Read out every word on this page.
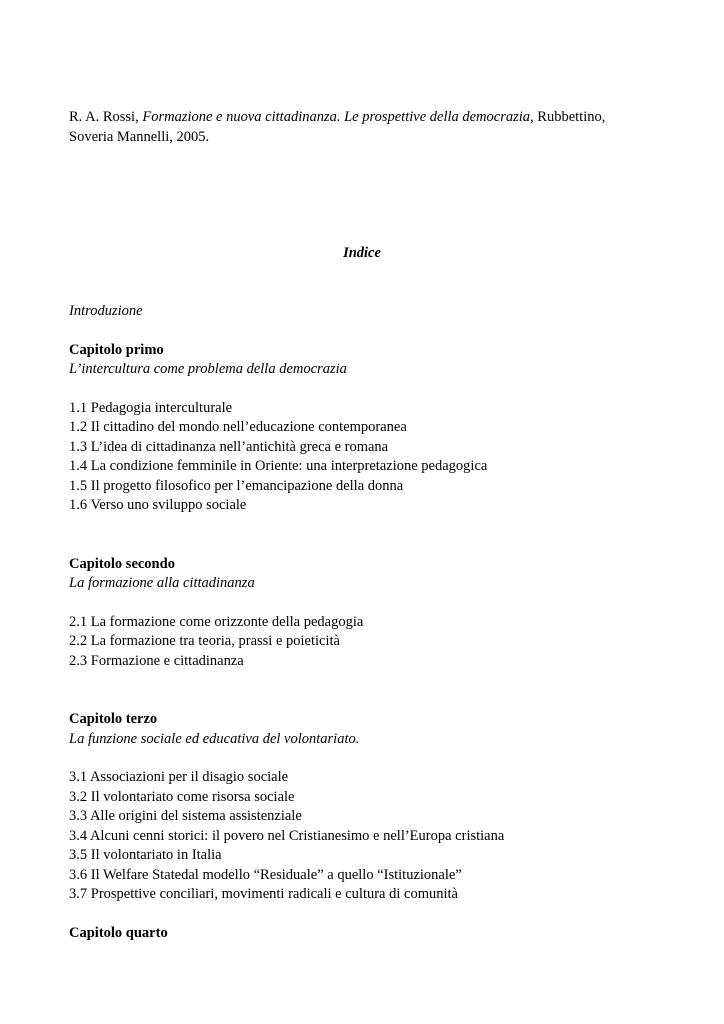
R. A. Rossi, Formazione e nuova cittadinanza. Le prospettive della democrazia, Rubbettino,
Soveria Mannelli, 2005.
Indice
Introduzione
Capitolo primo
L’intercultura come problema della democrazia
1.1 Pedagogia interculturale
1.2 Il cittadino del mondo nell’educazione contemporanea
1.3 L’idea di cittadinanza nell’antichità greca e romana
1.4 La condizione femminile in Oriente: una interpretazione pedagogica
1.5 Il progetto filosofico per l’emancipazione della donna
1.6 Verso uno sviluppo sociale
Capitolo secondo
La formazione alla cittadinanza
2.1 La formazione come orizzonte della pedagogia
2.2 La formazione tra teoria, prassi e poieticità
2.3 Formazione e cittadinanza
Capitolo terzo
La funzione sociale ed educativa del volontariato.
3.1 Associazioni per il disagio sociale
3.2 Il volontariato come risorsa sociale
3.3 Alle origini del sistema assistenziale
3.4 Alcuni cenni storici: il povero nel Cristianesimo e nell’Europa cristiana
3.5 Il volontariato in Italia
3.6 Il Welfare Statedal modello “Residuale” a quello “Istituzionale”
3.7 Prospettive conciliari, movimenti radicali e cultura di comunità
Capitolo quarto
